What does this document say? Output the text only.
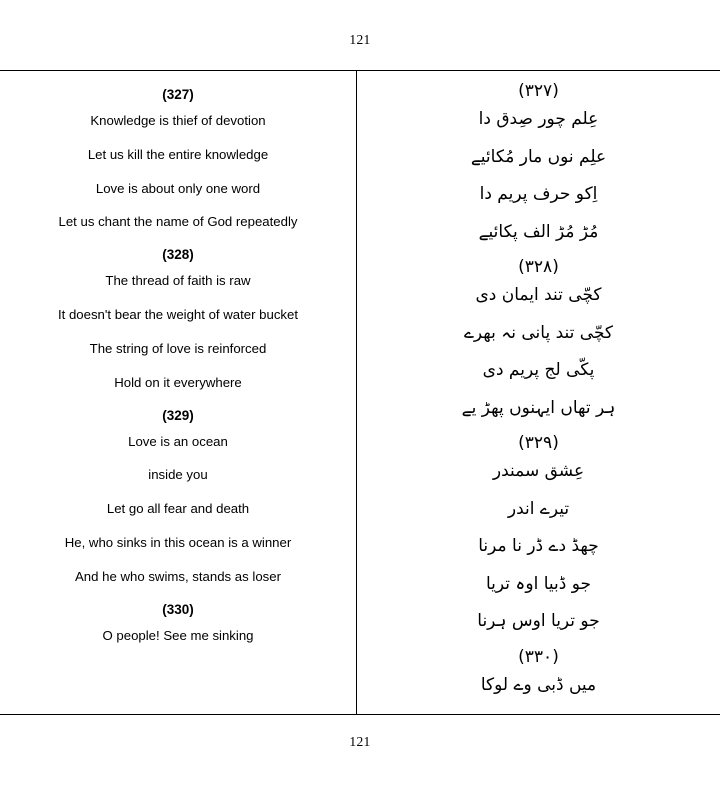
121
(327)
Knowledge is thief of devotion
Let us kill the entire knowledge
Love is about only one word
Let us chant the name of God repeatedly
(328)
The thread of faith is raw
It doesn't bear the weight of water bucket
The string of love is reinforced
Hold on it everywhere
(329)
Love is an ocean
inside you
Let go all fear and death
He, who sinks in this ocean is a winner
And he who swims, stands as loser
(330)
O people! See me sinking
(۳۲۷)
عِلم چور صِدق دا
علِم نوں مار مُکائیے
اِکو حرف پریم دا
مُڑ مُڑ الف پکائیے
(۳۲۸)
کچّی تند ایمان دی
کچّی تند پانی نہ بھرے
پکّی لج پریم دی
ہر تھاں ایہنوں پھڑ یے
(۳۲۹)
عِشق سمندر
تیرے اندر
چھڈ دے ڈر نا مرنا
جو ڈبیا اوہ تریا
جو تریا اوس ہرنا
(۳۳۰)
میں ڈبی وے لوکا
121
